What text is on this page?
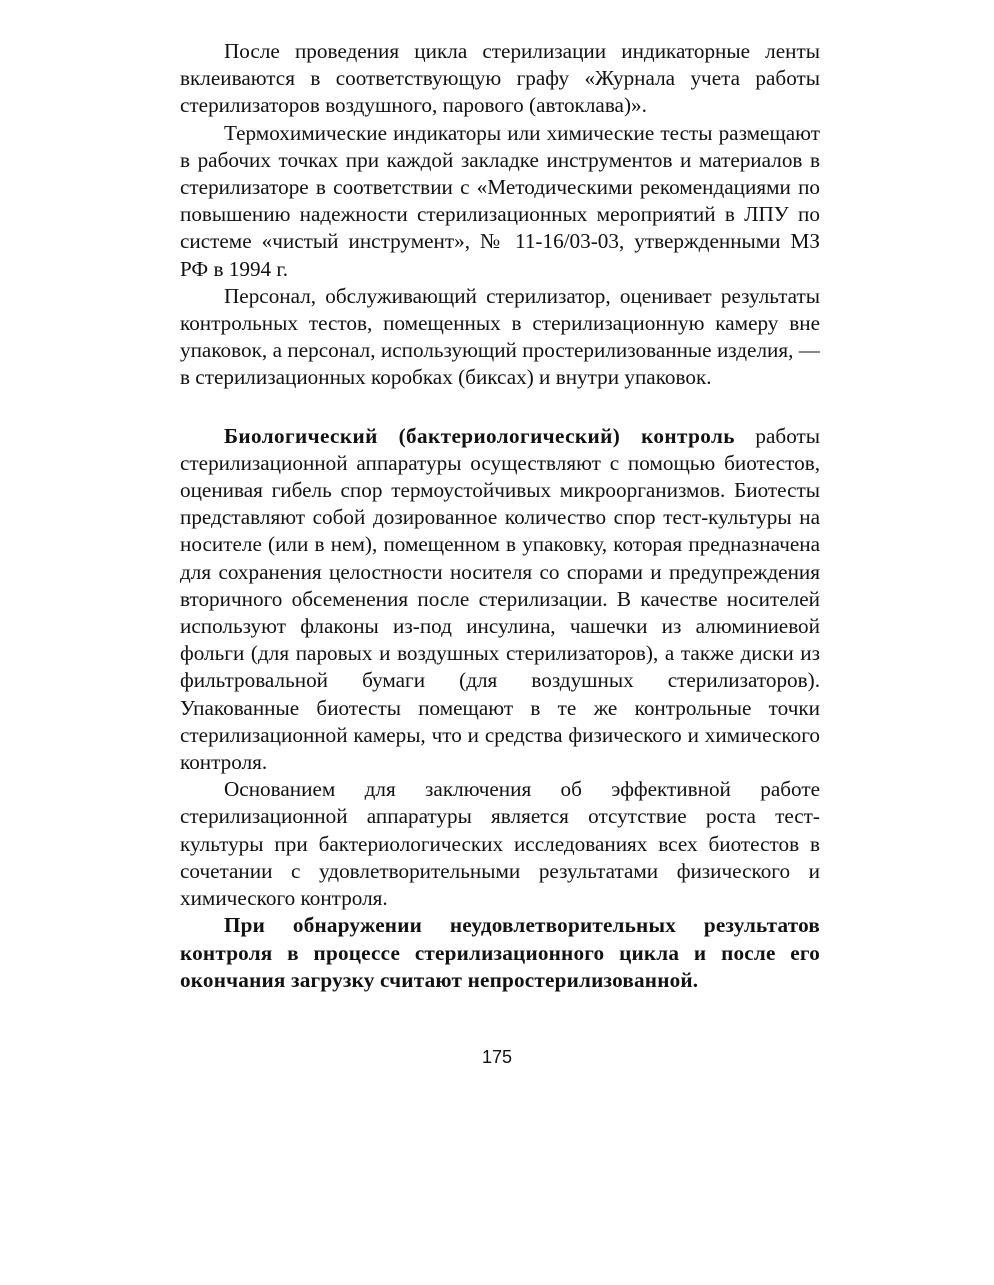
После проведения цикла стерилизации индикаторные ленты вклеиваются в соответствующую графу «Журнала учета работы стерилизаторов воздушного, парового (автоклава)».

Термохимические индикаторы или химические тесты размещают в рабочих точках при каждой закладке инструментов и материалов в стерилизаторе в соответствии с «Методическими рекомендациями по повышению надежности стерилизационных мероприятий в ЛПУ по системе «чистый инструмент», № 11-16/03-03, утвержденными МЗ РФ в 1994 г.

Персонал, обслуживающий стерилизатор, оценивает результаты контрольных тестов, помещенных в стерилизационную камеру вне упаковок, а персонал, использующий простерилизованные изделия, — в стерилизационных коробках (биксах) и внутри упаковок.

Биологический (бактериологический) контроль работы стерилизационной аппаратуры осуществляют с помощью биотестов, оценивая гибель спор термоустойчивых микроорганизмов. Биотесты представляют собой дозированное количество спор тест-культуры на носителе (или в нем), помещенном в упаковку, которая предназначена для сохранения целостности носителя со спорами и предупреждения вторичного обсеменения после стерилизации. В качестве носителей используют флаконы из-под инсулина, чашечки из алюминиевой фольги (для паровых и воздушных стерилизаторов), а также диски из фильтровальной бумаги (для воздушных стерилизаторов). Упакованные биотесты помещают в те же контрольные точки стерилизационной камеры, что и средства физического и химического контроля.

Основанием для заключения об эффективной работе стерилизационной аппаратуры является отсутствие роста тест-культуры при бактериологических исследованиях всех биотестов в сочетании с удовлетворительными результатами физического и химического контроля.

При обнаружении неудовлетворительных результатов контроля в процессе стерилизационного цикла и после его окончания загрузку считают непростерилизованной.

175
